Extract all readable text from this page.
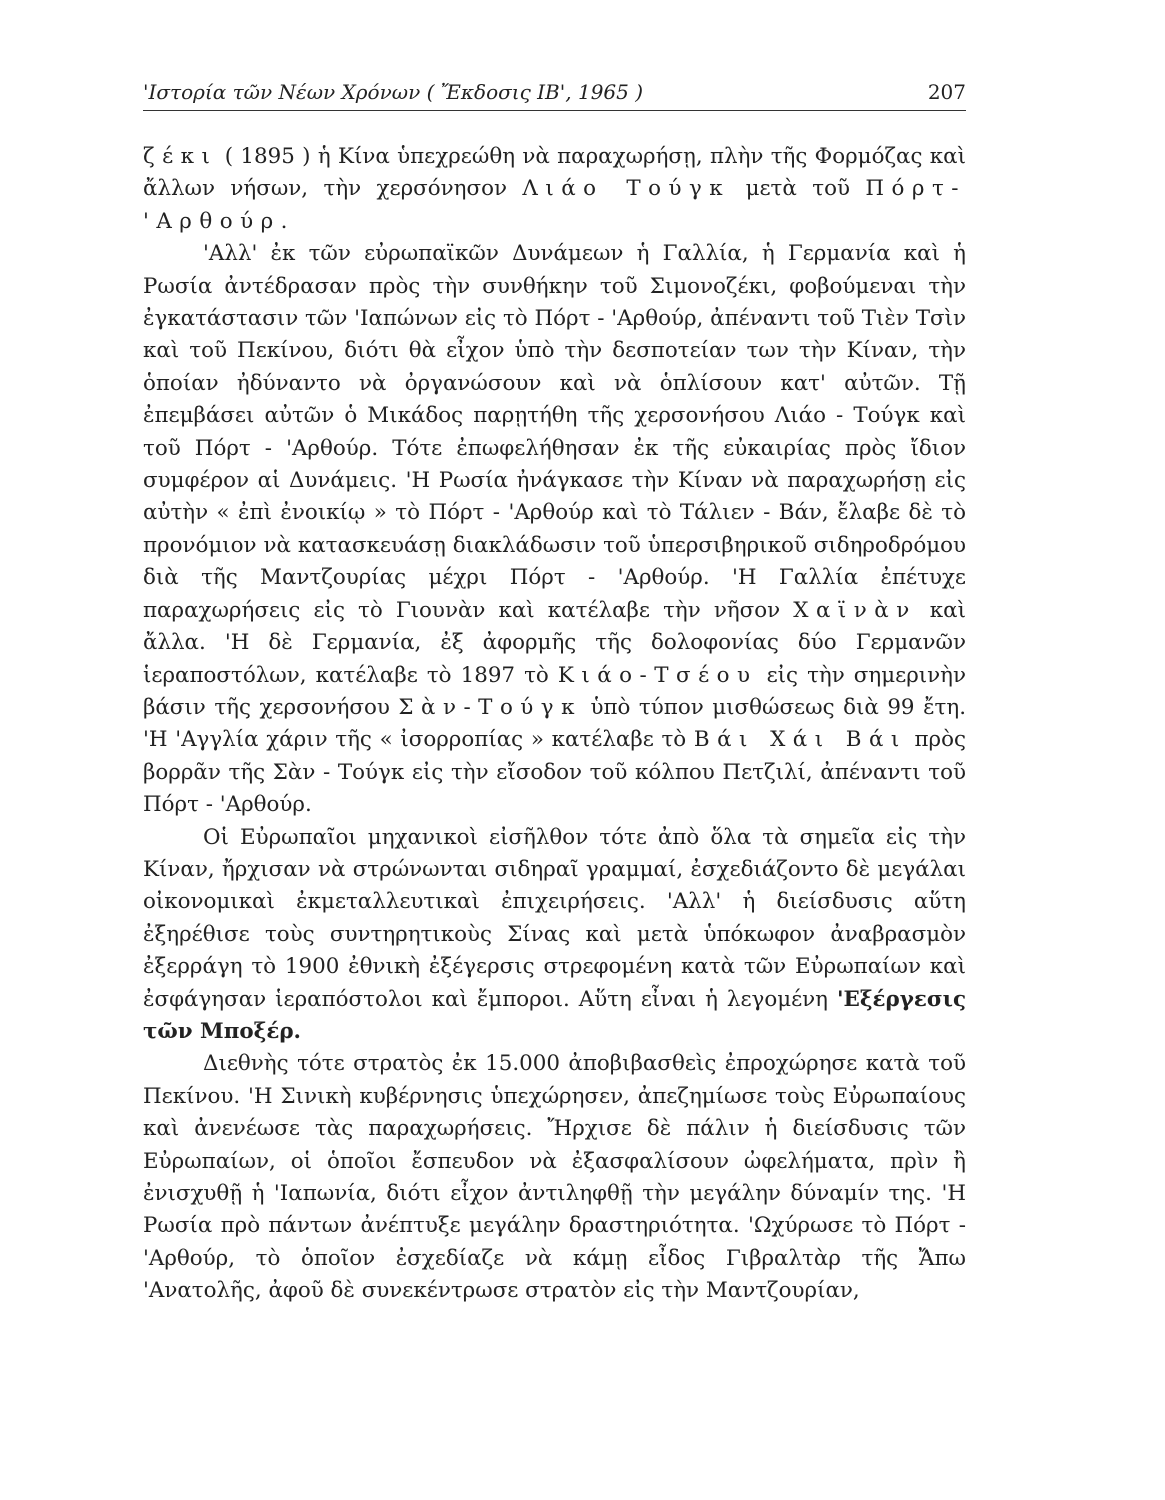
'Ιστορία τῶν Νέων Χρόνων ( Ἔκδοσις ΙΒ', 1965 )	207

ζέκι ( 1895 ) ἡ Κίνα ὑπεχρεώθη νὰ παραχωρήσῃ, πλὴν τῆς Φορμόζας καὶ ἄλλων νήσων, τὴν χερσόνησον Λιάο Τούγκ μετὰ τοῦ Πόρτ-'Αρθούρ.

'Αλλ' ἐκ τῶν εὐρωπαϊκῶν Δυνάμεων ἡ Γαλλία, ἡ Γερμανία καὶ ἡ Ρωσία ἀντέδρασαν πρὸς τὴν συνθήκην τοῦ Σιμονοζέκι, φοβούμεναι τὴν ἐγκατάστασιν τῶν 'Ιαπώνων εἰς τὸ Πόρτ - 'Αρθούρ, ἀπέναντι τοῦ Τιὲν Τσὶν καὶ τοῦ Πεκίνου, διότι θὰ εἶχον ὑπὸ τὴν δεσποτείαν των τὴν Κίναν, τὴν ὁποίαν ἠδύναντο νὰ ὀργανώσουν καὶ νὰ ὁπλίσουν κατ' αὐτῶν. Τῇ ἐπεμβάσει αὐτῶν ὁ Μικάδος παρῃτήθη τῆς χερσονήσου Λιάο - Τούγκ καὶ τοῦ Πόρτ - 'Αρθούρ. Τότε ἐπωφελήθησαν ἐκ τῆς εὐκαιρίας πρὸς ἴδιον συμφέρον αἱ Δυνάμεις. 'Η Ρωσία ἠνάγκασε τὴν Κίναν νὰ παραχωρήσῃ εἰς αὐτὴν « ἐπὶ ἐνοικίῳ » τὸ Πόρτ - 'Αρθούρ καὶ τὸ Τάλιεν - Βάν, ἔλαβε δὲ τὸ προνόμιον νὰ κατασκευάσῃ διακλάδωσιν τοῦ ὑπερσιβηρικοῦ σιδηροδρόμου διὰ τῆς Μαντζουρίας μέχρι Πόρτ - 'Αρθούρ. 'Η Γαλλία ἐπέτυχε παραχωρήσεις εἰς τὸ Γιουνὰν καὶ κατέλαβε τὴν νῆσον Χαϊνὰν καὶ ἄλλα. 'Η δὲ Γερμανία, ἐξ ἀφορμῆς τῆς δολοφονίας δύο Γερμανῶν ἱεραποστόλων, κατέλαβε τὸ 1897 τὸ Κιάο-Τσέου εἰς τὴν σημερινὴν βάσιν τῆς χερσονήσου Σὰν-Τούγκ ὑπὸ τύπον μισθώσεως διὰ 99 ἔτη. 'Η 'Αγγλία χάριν τῆς « ἰσορροπίας » κατέλαβε τὸ Βάι Χάι Βάι πρὸς βορρᾶν τῆς Σὰν - Τούγκ εἰς τὴν εἴσοδον τοῦ κόλπου Πετζιλί, ἀπέναντι τοῦ Πόρτ - 'Αρθούρ.

Οἱ Εὐρωπαῖοι μηχανικοὶ εἰσῆλθον τότε ἀπὸ ὅλα τὰ σημεῖα εἰς τὴν Κίναν, ἤρχισαν νὰ στρώνωνται σιδηραῖ γραμμαί, ἐσχεδιάζοντο δὲ μεγάλαι οἰκονομικαὶ ἐκμεταλλευτικαὶ ἐπιχειρήσεις. 'Αλλ' ἡ διείσδυσις αὕτη ἐξηρέθισε τοὺς συντηρητικοὺς Σίνας καὶ μετὰ ὑπόκωφον ἀναβρασμὸν ἐξερράγη τὸ 1900 ἐθνικὴ ἐξέγερσις στρεφομένη κατὰ τῶν Εὐρωπαίων καὶ ἐσφάγησαν ἱεραπόστολοι καὶ ἔμποροι. Αὕτη εἶναι ἡ λεγομένη 'Εξέργεσις τῶν Μποξέρ.

Διεθνὴς τότε στρατὸς ἐκ 15.000 ἀποβιβασθεὶς ἐπροχώρησε κατὰ τοῦ Πεκίνου. 'Η Σινικὴ κυβέρνησις ὑπεχώρησεν, ἀπεζημίωσε τοὺς Εὐρωπαίους καὶ ἀνενέωσε τὰς παραχωρήσεις. Ἤρχισε δὲ πάλιν ἡ διείσδυσις τῶν Εὐρωπαίων, οἱ ὁποῖοι ἔσπευδον νὰ ἐξασφαλίσουν ὠφελήματα, πρὶν ἢ ἐνισχυθῇ ἡ 'Ιαπωνία, διότι εἶχον ἀντιληφθῇ τὴν μεγάλην δύναμίν της. 'Η Ρωσία πρὸ πάντων ἀνέπτυξε μεγάλην δραστηριότητα. 'Ωχύρωσε τὸ Πόρτ - 'Αρθούρ, τὸ ὁποῖον ἐσχεδίαζε νὰ κάμῃ εἶδος Γιβραλτὰρ τῆς Ἄπω 'Ανατολῆς, ἀφοῦ δὲ συνεκέντρωσε στρατὸν εἰς τὴν Μαντζουρίαν,
